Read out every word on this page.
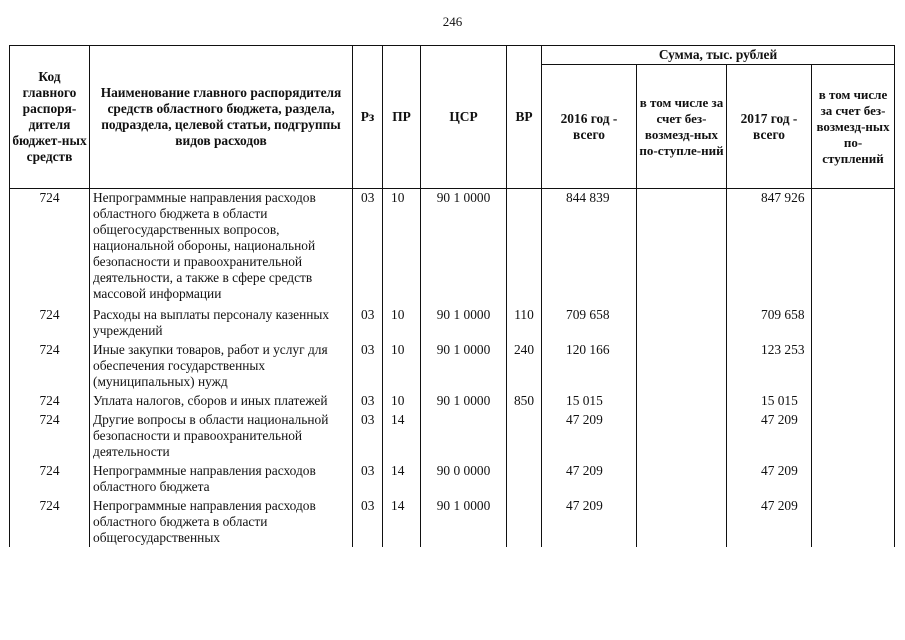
246
Код главного распоря-дителя бюджет-ных средств	Наименование главного распорядителя средств областного бюджета, раздела, подраздела, целевой статьи, подгруппы видов расходов	Рз	ПР	ЦСР	ВР	Сумма, тыс. рублей			
						2016 год - всего	в том числе за счет без-возмезд-ных по-ступле-ний	2017 год - всего	в том числе за счет без-возмезд-ных по-ступлений
724	Непрограммные направления расходов областного бюджета в области общегосударственных вопросов, национальной обороны, национальной безопасности и правоохранительной деятельности, а также в сфере средств массовой информации	03	10	90 1 0000		844 839		847 926	
724	Расходы на выплаты персоналу казенных учреждений	03	10	90 1 0000	110	709 658		709 658	
724	Иные закупки товаров, работ и услуг для обеспечения государственных (муниципальных) нужд	03	10	90 1 0000	240	120 166		123 253	
724	Уплата налогов, сборов и иных платежей	03	10	90 1 0000	850	15 015		15 015	
724	Другие вопросы в области национальной безопасности и правоохранительной деятельности	03	14			47 209		47 209	
724	Непрограммные направления расходов областного бюджета	03	14	90 0 0000		47 209		47 209	
724	Непрограммные направления расходов областного бюджета в области общегосударственных	03	14	90 1 0000		47 209		47 209	
